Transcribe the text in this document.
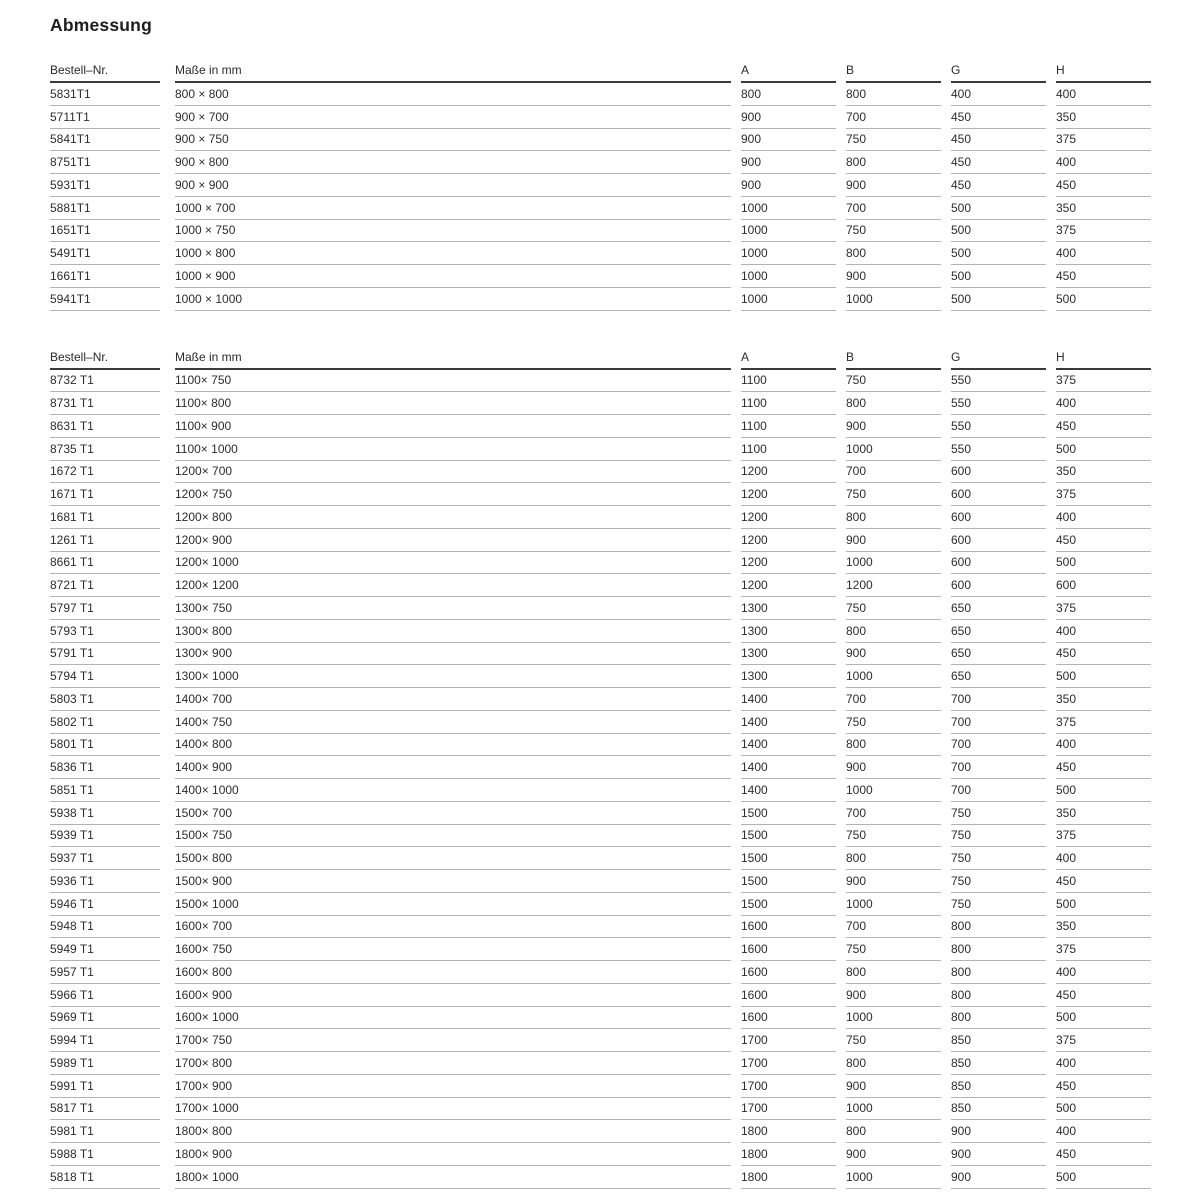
Abmessung
Bestell–Nr.	Maße in mm	A	B	G	H
5831T1	800 × 800	800	800	400	400
5711T1	900 × 700	900	700	450	350
5841T1	900 × 750	900	750	450	375
8751T1	900 × 800	900	800	450	400
5931T1	900 × 900	900	900	450	450
5881T1	1000 × 700	1000	700	500	350
1651T1	1000 × 750	1000	750	500	375
5491T1	1000 × 800	1000	800	500	400
1661T1	1000 × 900	1000	900	500	450
5941T1	1000 × 1000	1000	1000	500	500
Bestell–Nr.	Maße in mm	A	B	G	H
8732 T1	1100× 750	1100	750	550	375
8731 T1	1100× 800	1100	800	550	400
8631 T1	1100× 900	1100	900	550	450
8735 T1	1100× 1000	1100	1000	550	500
1672 T1	1200× 700	1200	700	600	350
1671 T1	1200× 750	1200	750	600	375
1681 T1	1200× 800	1200	800	600	400
1261 T1	1200× 900	1200	900	600	450
8661 T1	1200× 1000	1200	1000	600	500
8721 T1	1200× 1200	1200	1200	600	600
5797 T1	1300× 750	1300	750	650	375
5793 T1	1300× 800	1300	800	650	400
5791 T1	1300× 900	1300	900	650	450
5794 T1	1300× 1000	1300	1000	650	500
5803 T1	1400× 700	1400	700	700	350
5802 T1	1400× 750	1400	750	700	375
5801 T1	1400× 800	1400	800	700	400
5836 T1	1400× 900	1400	900	700	450
5851 T1	1400× 1000	1400	1000	700	500
5938 T1	1500× 700	1500	700	750	350
5939 T1	1500× 750	1500	750	750	375
5937 T1	1500× 800	1500	800	750	400
5936 T1	1500× 900	1500	900	750	450
5946 T1	1500× 1000	1500	1000	750	500
5948 T1	1600× 700	1600	700	800	350
5949 T1	1600× 750	1600	750	800	375
5957 T1	1600× 800	1600	800	800	400
5966 T1	1600× 900	1600	900	800	450
5969 T1	1600× 1000	1600	1000	800	500
5994 T1	1700× 750	1700	750	850	375
5989 T1	1700× 800	1700	800	850	400
5991 T1	1700× 900	1700	900	850	450
5817 T1	1700× 1000	1700	1000	850	500
5981 T1	1800× 800	1800	800	900	400
5988 T1	1800× 900	1800	900	900	450
5818 T1	1800× 1000	1800	1000	900	500
